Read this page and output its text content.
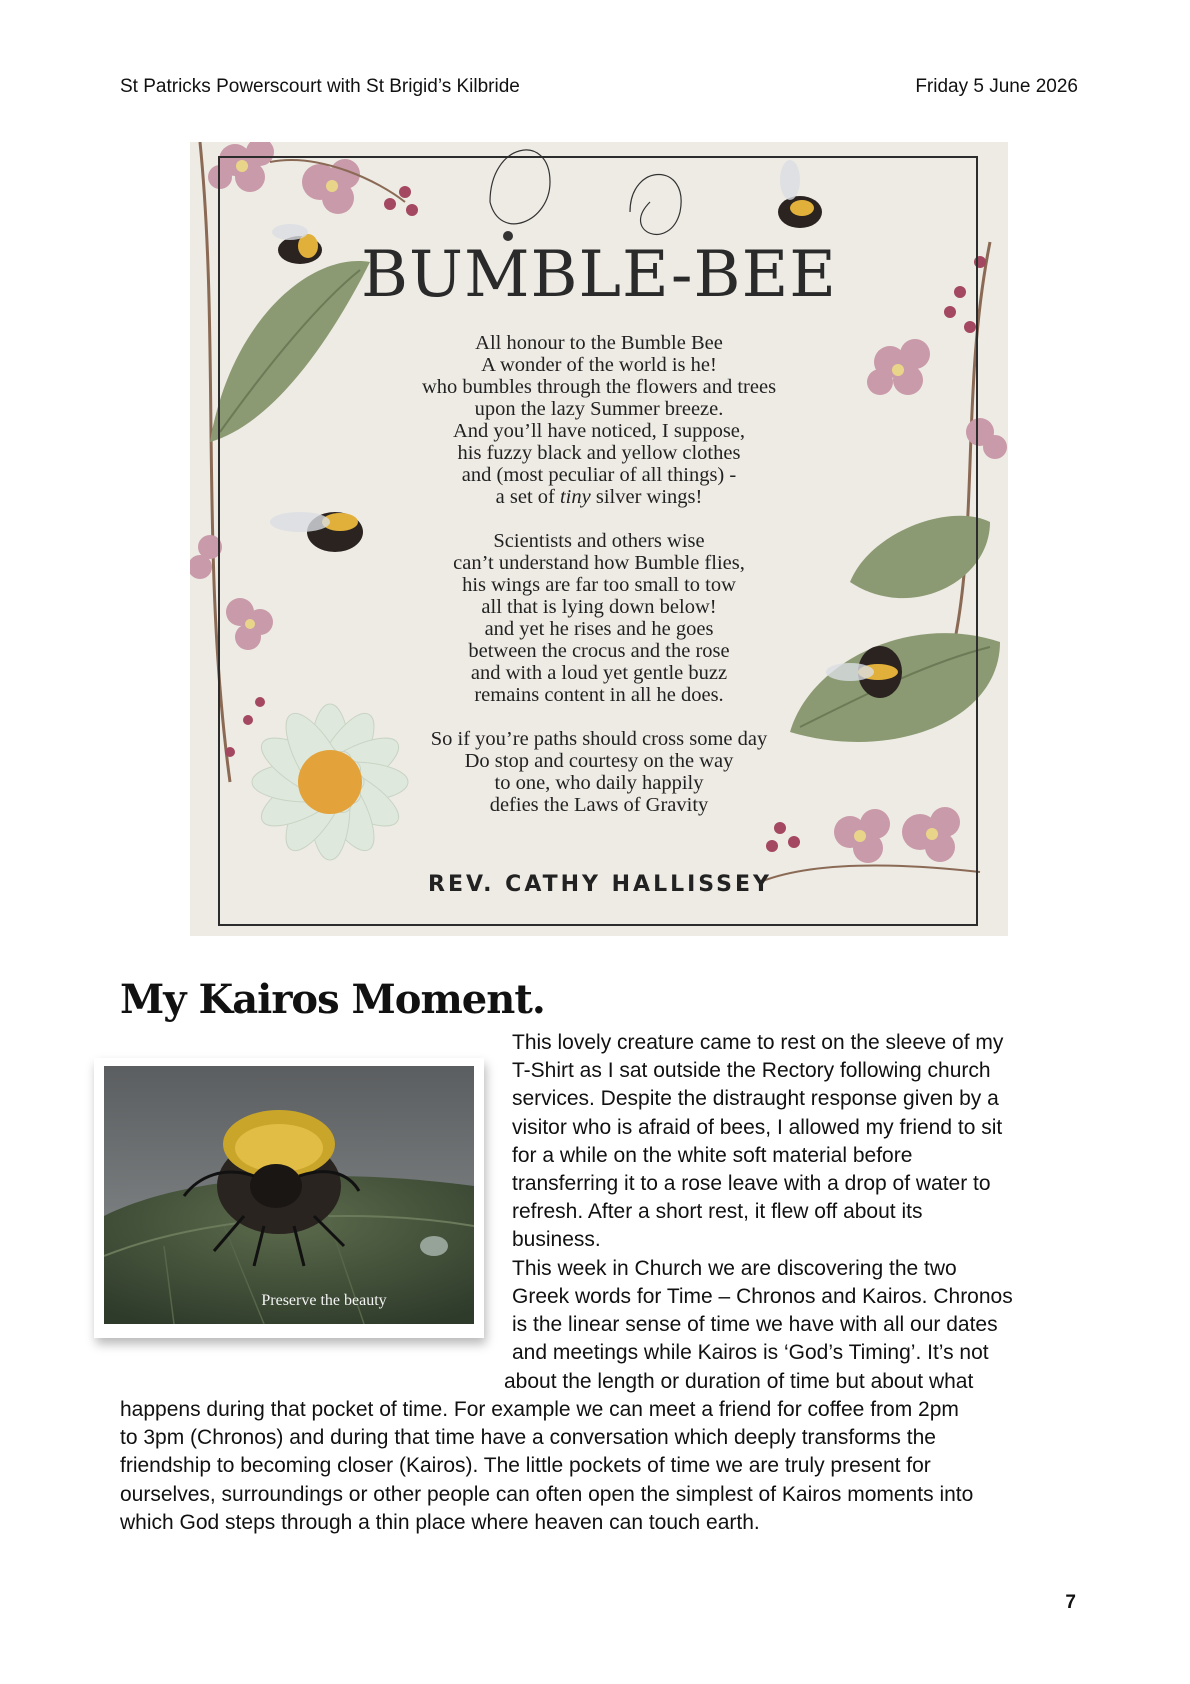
St Patricks Powerscourt with St Brigid’s Kilbride	Friday 5 June 2026
BUMBLE-BEE
All honour to the Bumble Bee
A wonder of the world is he!
who bumbles through the flowers and trees
upon the lazy Summer breeze.
And you’ll have noticed, I suppose,
his fuzzy black and yellow clothes
and (most peculiar of all things) -
a set of tiny silver wings!
Scientists and others wise
can’t understand how Bumble flies,
his wings are far too small to tow
all that is lying down below!
and yet he rises and he goes
between the crocus and the rose
and with a loud yet gentle buzz
remains content in all he does.
So if you’re paths should cross some day
Do stop and courtesy on the way
to one, who daily happily
defies the Laws of Gravity
REV. CATHY HALLISSEY
My Kairos Moment.
Preserve the beauty
This lovely creature came to rest on the sleeve of my
T-Shirt as I sat outside the Rectory following church
services. Despite the distraught response given by a
visitor who is afraid of bees, I allowed my friend to sit
for a while on the white soft material before
transferring it to a rose leave with a drop of water to
refresh. After a short rest, it flew off about its
business.
This week in Church we are discovering the two
Greek words for Time – Chronos and Kairos. Chronos
is the linear sense of time we have with all our dates
and meetings while Kairos is ‘God’s Timing’. It’s not
about the length or duration of time but about what
happens during that pocket of time. For example we can meet a friend for coffee from 2pm
to 3pm (Chronos) and during that time have a conversation which deeply transforms the
friendship to becoming closer (Kairos). The little pockets of time we are truly present for
ourselves, surroundings or other people can often open the simplest of Kairos moments into
which God steps through a thin place where heaven can touch earth.
7
